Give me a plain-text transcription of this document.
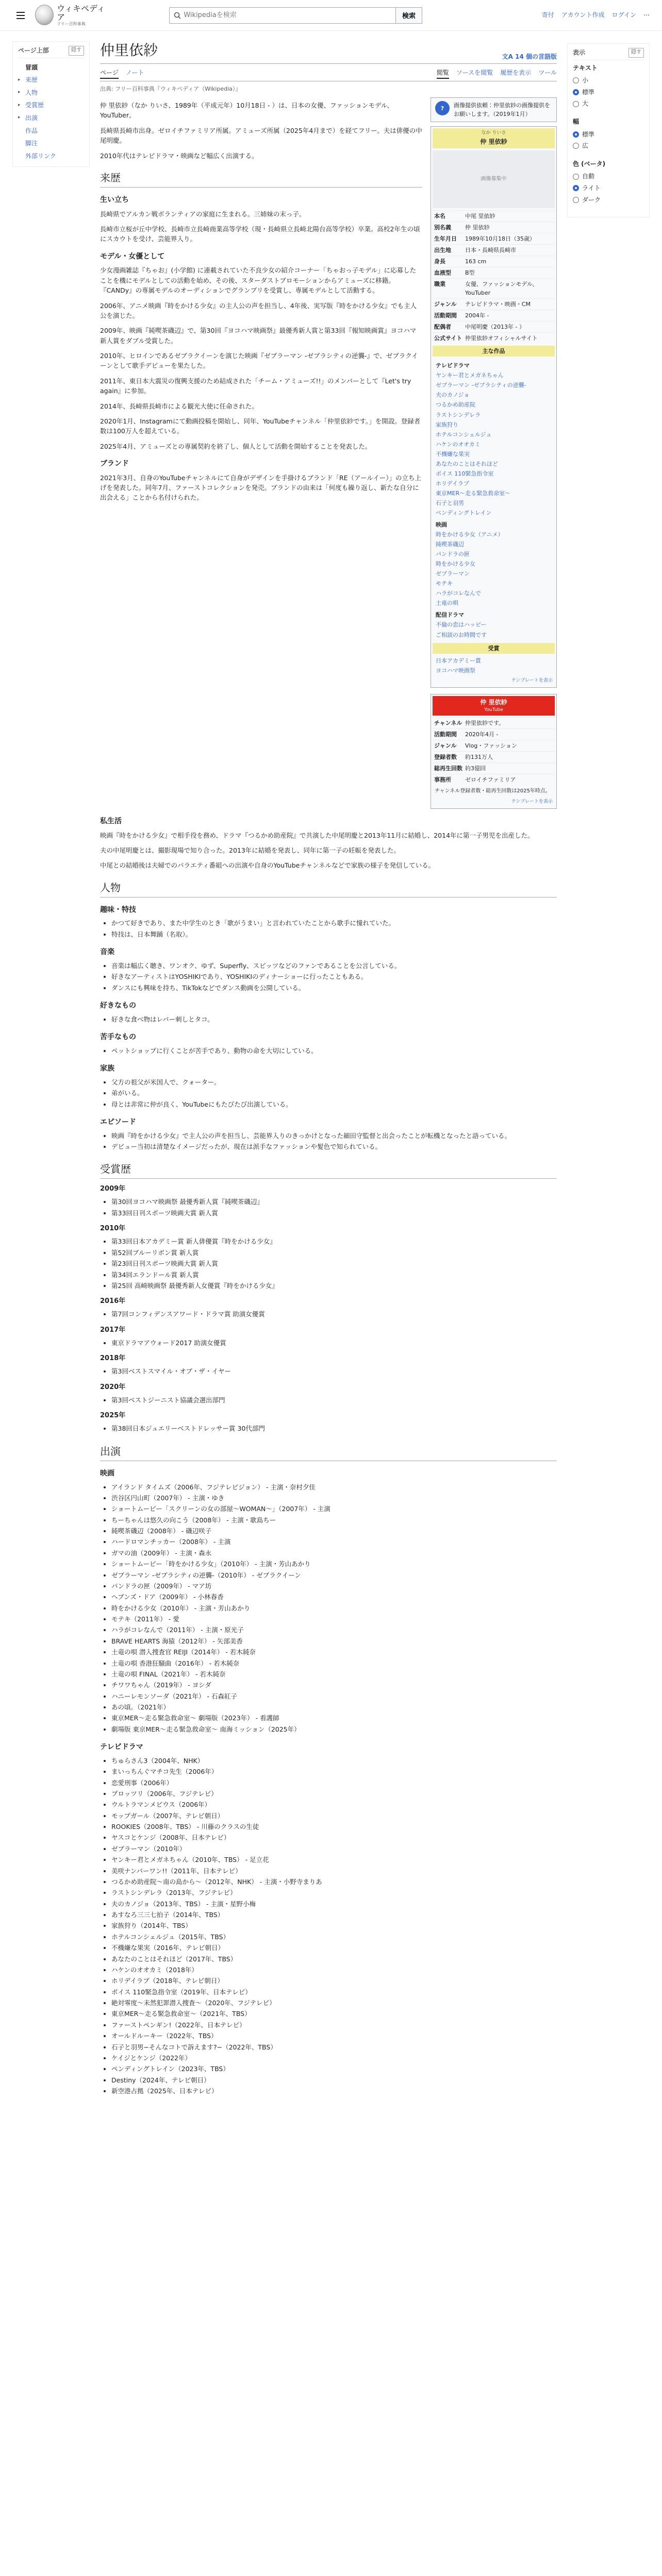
ウィキペディア
フリー百科事典
Wikipediaを検索
検索	寄付 アカウント作成 ログイン ⋯
ページ上部	隠す
冒頭
▸ 来歴
▸ 人物
▸ 受賞歴
▸ 出演
作品
脚注
外部リンク
仲里依紗	文A 14 個の言語版
ページ ノート	閲覧 ソースを閲覧 履歴を表示 ツール
出典: フリー百科事典『ウィキペディア（Wikipedia）』

仲 里依紗（なか りいさ、1989年（平成元年）10月18日 - ）は、日本の女優、ファッションモデル、YouTuber。

長崎県長崎市出身。ゼロイチファミリア所属。アミューズ所属（2025年4月まで）を経てフリー。夫は俳優の中尾明慶。

2010年代はテレビドラマ・映画など幅広く出演する。

来歴
生い立ち

長崎県でアルカン戦ボランティアの家庭に生まれる。三姉妹の末っ子。

長崎市立桜が丘中学校、長崎市立長崎商業高等学校（現・長崎県立長崎北陽台高等学校）卒業。高校2年生の頃にスカウトを受け、芸能界入り。

モデル・女優として

少女漫画雑誌『ちゃお』(小学館) に連載されていた不良少女の紹介コーナー「ちゃおっ子モデル」に応募したことを機にモデルとしての活動を始め、その後、スターダストプロモーションからアミューズに移籍。『CANDy』の専属モデルのオーディションでグランプリを受賞し、専属モデルとして活動する。

2006年、アニメ映画『時をかける少女』の主人公の声を担当し、4年後、実写版『時をかける少女』でも主人公を演じた。

2009年、映画『純喫茶磯辺』で、第30回『ヨコハマ映画祭』最優秀新人賞と第33回『報知映画賞』ヨコハマ新人賞をダブル受賞した。

2010年、ヒロインであるゼブラクイーンを演じた映画『ゼブラーマン -ゼブラシティの逆襲-』で、ゼブラクイーンとして歌手デビューを果たした。

2011年、東日本大震災の復興支援のため結成された「チーム・アミューズ!!」のメンバーとして『Let's try again』に参加。

2014年、長崎県長崎市による観光大使に任命された。

2020年1月、Instagramにて動画投稿を開始し、同年、YouTubeチャンネル「仲里依紗です。」を開設。登録者数は100万人を超えている。

2025年4月、アミューズとの専属契約を終了し、個人として活動を開始することを発表した。

ブランド

2021年3月、自身のYouTubeチャンネルにて自身がデザインを手掛けるブランド「RE（アールイー）」の立ち上げを発表した。同年7月、ファーストコレクションを発売。ブランドの由来は「何度も繰り返し、新たな自分に出会える」ことから名付けられた。

?	画像提供依頼：仲里依紗の画像提供をお願いします。（2019年1月）
なか りいさ
仲 里依紗
画像募集中
本名	中尾 里依紗
別名義	仲 里依紗
生年月日	1989年10月18日（35歳）
出生地	日本・長崎県長崎市
身長	163 cm
血液型	B型
職業	女優、ファッションモデル、YouTuber
ジャンル	テレビドラマ・映画・CM
活動期間	2004年 -
配偶者	中尾明慶（2013年 - ）
公式サイト 仲里依紗オフィシャルサイト
主な作品
テレビドラマ
ヤンキー君とメガネちゃん
ゼブラーマン -ゼブラシティの逆襲-
夫のカノジョ
つるかめ助産院
ラストシンデレラ
家族狩り
ホテルコンシェルジュ
ハケンのオオカミ
不機嫌な果実
あなたのことはそれほど
ボイス 110緊急指令室
ホリデイラブ
東京MER〜走る緊急救命室〜
石子と羽男
ペンディングトレイン
映画
時をかける少女（アニメ）
純喫茶磯辺
パンドラの匣
時をかける少女
ゼブラーマン
モテキ
ハラがコレなんで
土竜の唄
配信ドラマ
不倫の恋はハッピー
ご相談のお時間です
受賞
日本アカデミー賞
ヨコハマ映画祭
テンプレートを表示
仲 里依紗
YouTube
チャンネル 仲里依紗です。
活動期間	2020年4月 -
ジャンル	Vlog・ファッション
登録者数	約131万人
総再生回数 約3億回
事務所	ゼロイチファミリア
チャンネル登録者数・総再生回数は2025年時点。
テンプレートを表示
私生活

映画『時をかける少女』で相手役を務め、ドラマ『つるかめ助産院』で共演した中尾明慶と2013年11月に結婚し、2014年に第一子男児を出産した。

夫の中尾明慶とは、撮影現場で知り合った。2013年に結婚を発表し、同年に第一子の妊娠を発表した。

中尾との結婚後は夫婦でのバラエティ番組への出演や自身のYouTubeチャンネルなどで家族の様子を発信している。

人物
趣味・特技
• かつて好きであり、また中学生のとき「歌がうまい」と言われていたことから歌手に憧れていた。
• 特技は、日本舞踊（名取）。
音楽
• 音楽は幅広く聴き、ワンオク、ゆず、Superfly、スピッツなどのファンであることを公言している。
• 好きなアーティストはYOSHIKIであり、YOSHIKIのディナーショーに行ったこともある。
• ダンスにも興味を持ち、TikTokなどでダンス動画を公開している。
好きなもの
• 好きな食べ物はレバー刺しとタコ。
苦手なもの
• ペットショップに行くことが苦手であり、動物の命を大切にしている。
家族
• 父方の祖父が米国人で、クォーター。
• 弟がいる。
• 母とは非常に仲が良く、YouTubeにもたびたび出演している。
エピソード
• 映画『時をかける少女』で主人公の声を担当し、芸能界入りのきっかけとなった細田守監督と出会ったことが転機となったと語っている。
• デビュー当初は清楚なイメージだったが、現在は派手なファッションや髪色で知られている。
受賞歴
2009年
• 第30回ヨコハマ映画祭 最優秀新人賞『純喫茶磯辺』
• 第33回日刊スポーツ映画大賞 新人賞
2010年
• 第33回日本アカデミー賞 新人俳優賞『時をかける少女』
• 第52回ブルーリボン賞 新人賞
• 第23回日刊スポーツ映画大賞 新人賞
• 第34回エランドール賞 新人賞
• 第25回 高崎映画祭 最優秀新人女優賞『時をかける少女』
2016年
• 第7回コンフィデンスアワード・ドラマ賞 助演女優賞
2017年
• 東京ドラマアウォード2017 助演女優賞
2018年
• 第3回ベストスマイル・オブ・ザ・イヤー
2020年
• 第3回ベストジーニスト協議会選出部門
2025年
• 第38回日本ジュエリーベストドレッサー賞 30代部門
出演
映画
• アイランド タイムズ（2006年、フジテレビジョン） - 主演・奈村夕佳
• 渋谷区円山町（2007年） - 主演・ゆき
• ショートムービー「スクリーンの女の部屋〜WOMAN〜」（2007年） - 主演
• ちーちゃんは悠久の向こう（2008年） - 主演・歌島ちー
• 純喫茶磯辺（2008年） - 磯辺咲子
• ハードロマンチッカー（2008年） - 主演
• ガマの油（2009年） - 主演・森永
• ショートムービー「時をかける少女」（2010年） - 主演・芳山あかり
• ゼブラーマン -ゼブラシティの逆襲-（2010年） - ゼブラクイーン
• パンドラの匣（2009年） - マア坊
• ヘブンズ・ドア（2009年） - 小林春香
• 時をかける少女（2010年） - 主演・芳山あかり
• モテキ（2011年） - 愛
• ハラがコレなんで（2011年） - 主演・原光子
• BRAVE HEARTS 海猿（2012年） - 矢部美香
• 土竜の唄 潜入捜査官 REIJI（2014年） - 若木純奈
• 土竜の唄 香港狂騒曲（2016年） - 若木純奈
• 土竜の唄 FINAL（2021年） - 若木純奈
• チワワちゃん（2019年） - ヨシダ
• ハニーレモンソーダ（2021年） - 石森紅子
• あの頃。（2021年）
• 東京MER〜走る緊急救命室〜 劇場版（2023年） - 看護師
• 劇場版 東京MER〜走る緊急救命室〜 南海ミッション（2025年）
テレビドラマ
• ちゅらさん3（2004年、NHK）
• まいっちんぐマチコ先生（2006年）
• 恋愛刑事（2006年）
• プロッツリ（2006年、フジテレビ）
• ウルトラマンメビウス（2006年）
• モップガール（2007年、テレビ朝日）
• ROOKIES（2008年、TBS） - 川藤のクラスの生徒
• ヤスコとケンジ（2008年、日本テレビ）
• ゼブラーマン（2010年）
• ヤンキー君とメガネちゃん（2010年、TBS） - 足立花
• 美咲ナンバーワン!!（2011年、日本テレビ）
• つるかめ助産院〜南の島から〜（2012年、NHK） - 主演・小野寺まりあ
• ラストシンデレラ（2013年、フジテレビ）
• 夫のカノジョ（2013年、TBS） - 主演・星野小梅
• あすなろ三三七拍子（2014年、TBS）
• 家族狩り（2014年、TBS）
• ホテルコンシェルジュ（2015年、TBS）
• 不機嫌な果実（2016年、テレビ朝日）
• あなたのことはそれほど（2017年、TBS）
• ハケンのオオカミ（2018年）
• ホリデイラブ（2018年、テレビ朝日）
• ボイス 110緊急指令室（2019年、日本テレビ）
• 絶対零度〜未然犯罪潜入捜査〜（2020年、フジテレビ）
• 東京MER〜走る緊急救命室〜（2021年、TBS）
• ファーストペンギン!（2022年、日本テレビ）
• オールドルーキー（2022年、TBS）
• 石子と羽男−そんなコトで訴えます?−（2022年、TBS）
• ケイジとケンジ（2022年）
• ペンディングトレイン（2023年、TBS）
• Destiny（2024年、テレビ朝日）
• 新空港占拠（2025年、日本テレビ）
表示	隠す
テキスト
小
標準
大
幅
標準
広
色 (ベータ)
自動
ライト
ダーク
